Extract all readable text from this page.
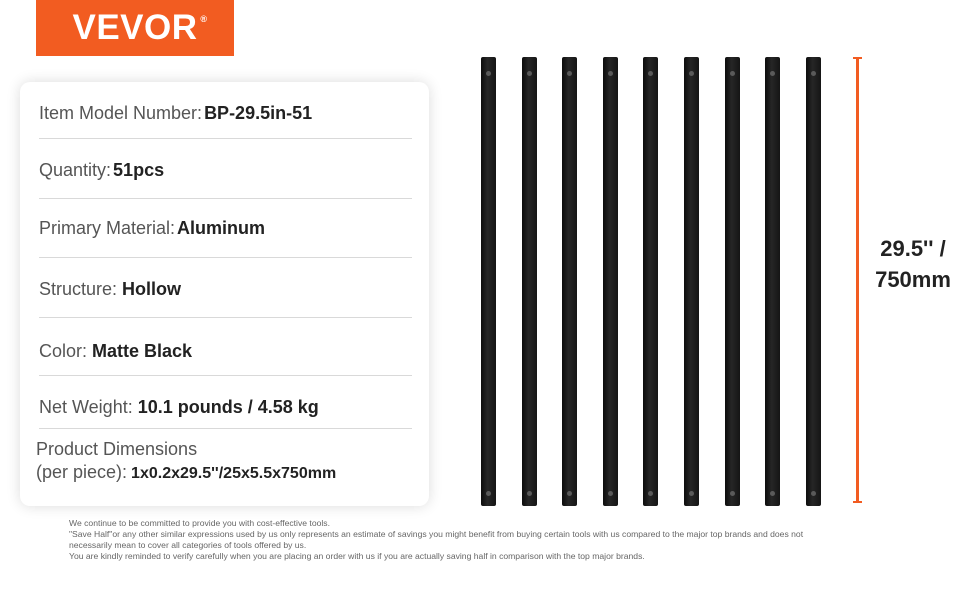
VEVOR ®
Item Model Number: BP-29.5in-51
Quantity: 51pcs
Primary Material: Aluminum
Structure: Hollow
Color: Matte Black
Net Weight: 10.1 pounds / 4.58 kg
Product Dimensions
(per piece): 1x0.2x29.5''/25x5.5x750mm
29.5'' /
750mm
We continue to be committed to provide you with cost-effective tools.
"Save Half"or any other similar expressions used by us only represents an estimate of savings you might benefit from buying certain tools with us compared to the major top brands and does not
necessarily mean to cover all categories of tools offered by us.
You are kindly reminded to verify carefully when you are placing an order with us if you are actually saving half in comparison with the top major brands.
